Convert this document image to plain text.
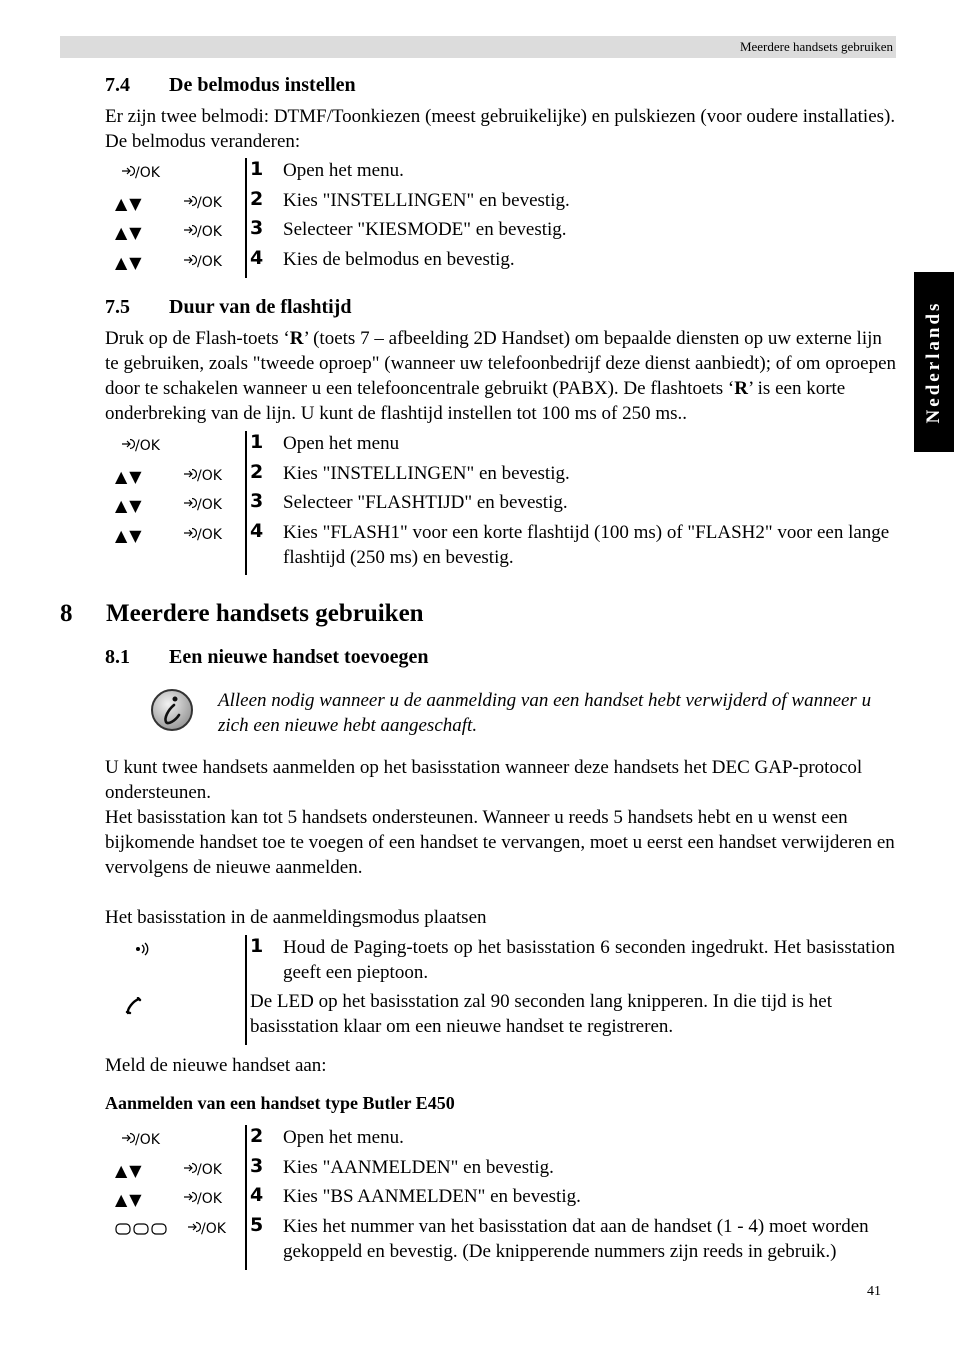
Meerdere handsets gebruiken
Nederlands
7.4 De belmodus instellen
Er zijn twee belmodi: DTMF/Toonkiezen (meest gebruikelijke) en pulskiezen (voor oudere installaties). De belmodus veranderen:
/OK	1 Open het menu.
▲▼	/OK 2 Kies "INSTELLINGEN" en bevestig.
▲▼	/OK 3 Selecteer "KIESMODE" en bevestig.
▲▼	/OK 4 Kies de belmodus en bevestig.
7.5 Duur van de flashtijd
Druk op de Flash-toets ‘R’ (toets 7 – afbeelding 2D Handset) om bepaalde diensten op uw externe lijn te gebruiken, zoals "tweede oproep" (wanneer uw telefoonbedrijf deze dienst aanbiedt); of om oproepen door te schakelen wanneer u een telefooncentrale gebruikt (PABX). De flashtoets ‘R’ is een korte onderbreking van de lijn. U kunt de flashtijd instellen tot 100 ms of 250 ms..
/OK	1 Open het menu
▲▼	/OK 2 Kies "INSTELLINGEN" en bevestig.
▲▼	/OK 3 Selecteer "FLASHTIJD" en bevestig.
▲▼	/OK 4 Kies "FLASH1" voor een korte flashtijd (100 ms) of "FLASH2" voor een lange flashtijd (250 ms) en bevestig.
8 Meerdere handsets gebruiken
8.1 Een nieuwe handset toevoegen
Alleen nodig wanneer u de aanmelding van een handset hebt verwijderd of wanneer u zich een nieuwe hebt aangeschaft.
U kunt twee handsets aanmelden op het basisstation wanneer deze handsets het DEC GAP-protocol ondersteunen.
Het basisstation kan tot 5 handsets ondersteunen. Wanneer u reeds 5 handsets hebt en u wenst een bijkomende handset toe te voegen of een handset te vervangen, moet u eerst een handset verwijderen en vervolgens de nieuwe aanmelden.
Het basisstation in de aanmeldingsmodus plaatsen
1 Houd de Paging-toets op het basisstation 6 seconden ingedrukt. Het basisstation geeft een pieptoon.
De LED op het basisstation zal 90 seconden lang knipperen. In die tijd is het basisstation klaar om een nieuwe handset te registreren.
Meld de nieuwe handset aan:
Aanmelden van een handset type Butler E450
/OK	2 Open het menu.
▲▼	/OK 3 Kies "AANMELDEN" en bevestig.
▲▼	/OK 4 Kies "BS AANMELDEN" en bevestig.
/OK 5 Kies het nummer van het basisstation dat aan de handset (1 - 4) moet worden gekoppeld en bevestig. (De knipperende nummers zijn reeds in gebruik.)
41
